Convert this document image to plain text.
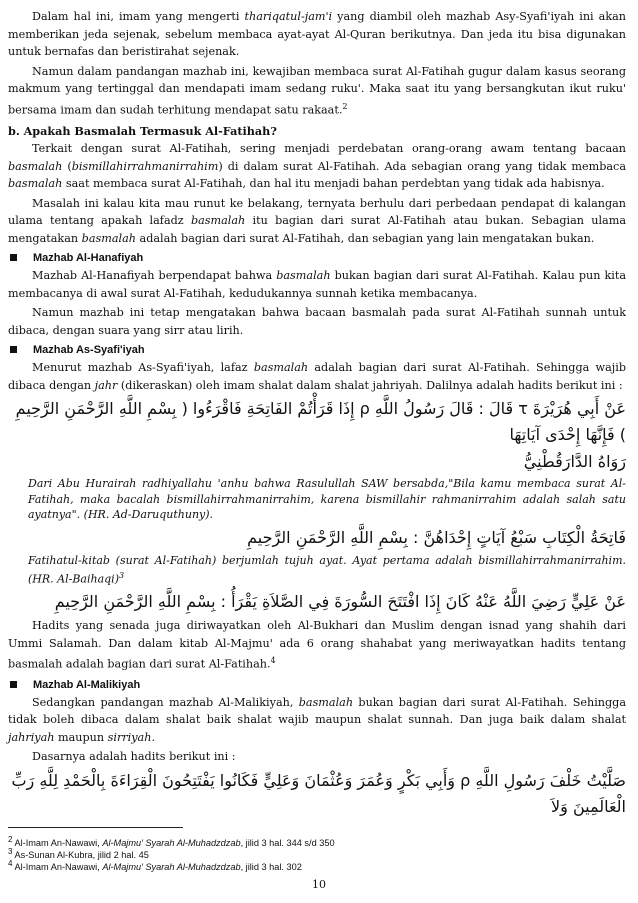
Dalam hal ini, imam yang mengerti thariqatul-jam'i yang diambil oleh mazhab Asy-Syafi'iyah ini akan memberikan jeda sejenak, sebelum membaca ayat-ayat Al-Quran berikutnya. Dan jeda itu bisa digunakan untuk bernafas dan beristirahat sejenak.

Namun dalam pandangan mazhab ini, kewajiban membaca surat Al-Fatihah gugur dalam kasus seorang makmum yang tertinggal dan mendapati imam sedang ruku'. Maka saat itu yang bersangkutan ikut ruku' bersama imam dan sudah terhitung mendapat satu rakaat.$^2$

b. Apakah Basmalah Termasuk Al-Fatihah?

Terkait dengan surat Al-Fatihah, sering menjadi perdebatan orang-orang awam tentang bacaan basmalah (bismillahirrahmanirrahim) di dalam surat Al-Fatihah. Ada sebagian orang yang tidak membaca basmalah saat membaca surat Al-Fatihah, dan hal itu menjadi bahan perdebtan yang tidak ada habisnya.

Masalah ini kalau kita mau runut ke belakang, ternyata berhulu dari perbedaan pendapat di kalangan ulama tentang apakah lafadz basmalah itu bagian dari surat Al-Fatihah atau bukan. Sebagian ulama mengatakan basmalah adalah bagian dari surat Al-Fatihah, dan sebagian yang lain mengatakan bukan.

Mazhab Al-Hanafiyah

Mazhab Al-Hanafiyah berpendapat bahwa basmalah bukan bagian dari surat Al-Fatihah. Kalau pun kita membacanya di awal surat Al-Fatihah, kedudukannya sunnah ketika membacanya.

Namun mazhab ini tetap mengatakan bahwa bacaan basmalah pada surat Al-Fatihah sunnah untuk dibaca, dengan suara yang sirr atau lirih.

Mazhab As-Syafi'iyah

Menurut mazhab As-Syafi'iyah, lafaz basmalah adalah bagian dari surat Al-Fatihah. Sehingga wajib dibaca dengan jahr (dikeraskan) oleh imam shalat dalam shalat jahriyah. Dalilnya adalah hadits berikut ini :

عَنْ أَبِي هُرَيْرَةَ τ قَالَ : قَالَ رَسُولُ اللَّهِ ρ إِذَا قَرَأْتُمْ الفَاتِحَةِ فَاقْرَءُوا ( بِسْمِ اللَّهِ الرَّحْمَنِ الرَّحِيمِ ) فَإِنَّهَا إِحْدَى آيَاتِهَا

رَوَاهُ الدَّارَقُطْنِيُّ

Dari Abu Hurairah radhiyallahu 'anhu bahwa Rasulullah SAW bersabda,"Bila kamu membaca surat Al-Fatihah, maka bacalah bismillahirrahmanirrahim, karena bismillahir rahmanirrahim adalah salah satu ayatnya". (HR. Ad-Daruquthuny).

فَاتِحَةُ الْكِتَابِ سَبْعُ آيَاتٍ إِحْدَاهُنَّ : بِسْمِ اللَّهِ الرَّحْمَنِ الرَّحِيمِ

Fatihatul-kitab (surat Al-Fatihah) berjumlah tujuh ayat. Ayat pertama adalah bismillahirrahmanirrahim. (HR. Al-Baihaqi)$^3$

عَنْ عَلِيٍّ رَضِيَ اللَّهُ عَنْهُ كَانَ إِذَا افْتَتَحَ السُّورَةَ فِي الصَّلاَةِ يَقْرَأُ : بِسْمِ اللَّهِ الرَّحْمَنِ الرَّحِيمِ

Hadits yang senada juga diriwayatkan oleh Al-Bukhari dan Muslim dengan isnad yang shahih dari Ummi Salamah. Dan dalam kitab Al-Majmu' ada 6 orang shahabat yang meriwayatkan hadits tentang basmalah adalah bagian dari surat Al-Fatihah.$^4$

Mazhab Al-Malikiyah

Sedangkan pandangan mazhab Al-Malikiyah, basmalah bukan bagian dari surat Al-Fatihah. Sehingga tidak boleh dibaca dalam shalat baik shalat wajib maupun shalat sunnah. Dan juga baik dalam shalat jahriyah maupun sirriyah.

Dasarnya adalah hadits berikut ini :

صَلَّيْتُ خَلْفَ رَسُولِ اللَّهِ ρ وَأَبِي بَكْرٍ وَعُمَرَ وَعُثْمَانَ وَعَلِيٍّ فَكَانُوا يَفْتَتِحُونَ الْقِرَاءَةَ بِالْحَمْدِ لِلَّهِ رَبِّ الْعَالَمِينَ وَلاَ

$^2$ Al-Imam An-Nawawi, Al-Majmu' Syarah Al-Muhadzdzab, jilid 3 hal. 344 s/d 350
$^3$ As-Sunan Al-Kubra, jilid 2 hal. 45
$^4$ Al-Imam An-Nawawi, Al-Majmu' Syarah Al-Muhadzdzab, jilid 3 hal. 302
10
